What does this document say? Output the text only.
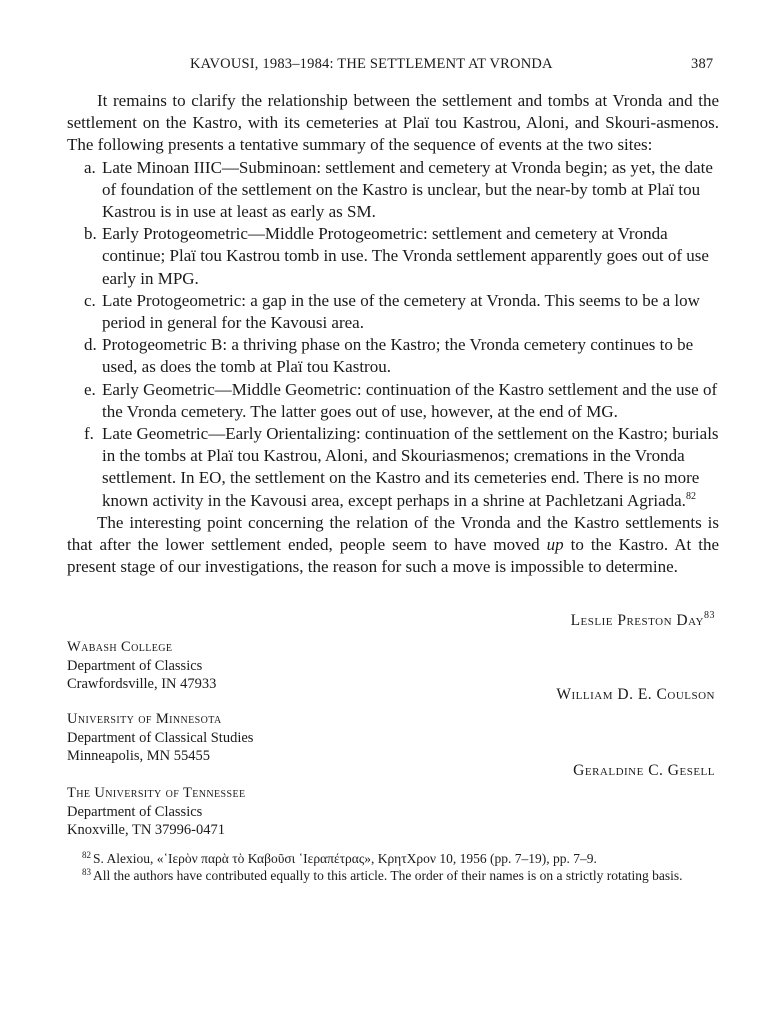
KAVOUSI, 1983–1984: THE SETTLEMENT AT VRONDA	387

It remains to clarify the relationship between the settlement and tombs at Vronda and the settlement on the Kastro, with its cemeteries at Plaï tou Kastrou, Aloni, and Skouri-asmenos. The following presents a tentative summary of the sequence of events at the two sites:

a. Late Minoan IIIC—Subminoan: settlement and cemetery at Vronda begin; as yet, the date of foundation of the settlement on the Kastro is unclear, but the near-by tomb at Plaï tou Kastrou is in use at least as early as SM.
b. Early Protogeometric—Middle Protogeometric: settlement and cemetery at Vronda continue; Plaï tou Kastrou tomb in use. The Vronda settlement apparently goes out of use early in MPG.
c. Late Protogeometric: a gap in the use of the cemetery at Vronda. This seems to be a low period in general for the Kavousi area.
d. Protogeometric B: a thriving phase on the Kastro; the Vronda cemetery continues to be used, as does the tomb at Plaï tou Kastrou.
e. Early Geometric—Middle Geometric: continuation of the Kastro settlement and the use of the Vronda cemetery. The latter goes out of use, however, at the end of MG.
f. Late Geometric—Early Orientalizing: continuation of the settlement on the Kastro; burials in the tombs at Plaï tou Kastrou, Aloni, and Skouriasmenos; cremations in the Vronda settlement. In EO, the settlement on the Kastro and its cemeteries end. There is no more known activity in the Kavousi area, except perhaps in a shrine at Pachletzani Agriada.$^{82}$

The interesting point concerning the relation of the Vronda and the Kastro settlements is that after the lower settlement ended, people seem to have moved up to the Kastro. At the present stage of our investigations, the reason for such a move is impossible to determine.

Leslie Preston Day$^{83}$
William D. E. Coulson
Geraldine C. Gesell
Wabash College
Department of Classics
Crawfordsville, IN 47933
University of Minnesota
Department of Classical Studies
Minneapolis, MN 55455
The University of Tennessee
Department of Classics
Knoxville, TN 37996-0471

$^{82}$ S. Alexiou, «῾Ιερὸν παρὰ τὸ Καβοῦσι ῾Ιεραπέτρας», ΚρητΧρον 10, 1956 (pp. 7–19), pp. 7–9.

$^{83}$ All the authors have contributed equally to this article. The order of their names is on a strictly rotating basis.
